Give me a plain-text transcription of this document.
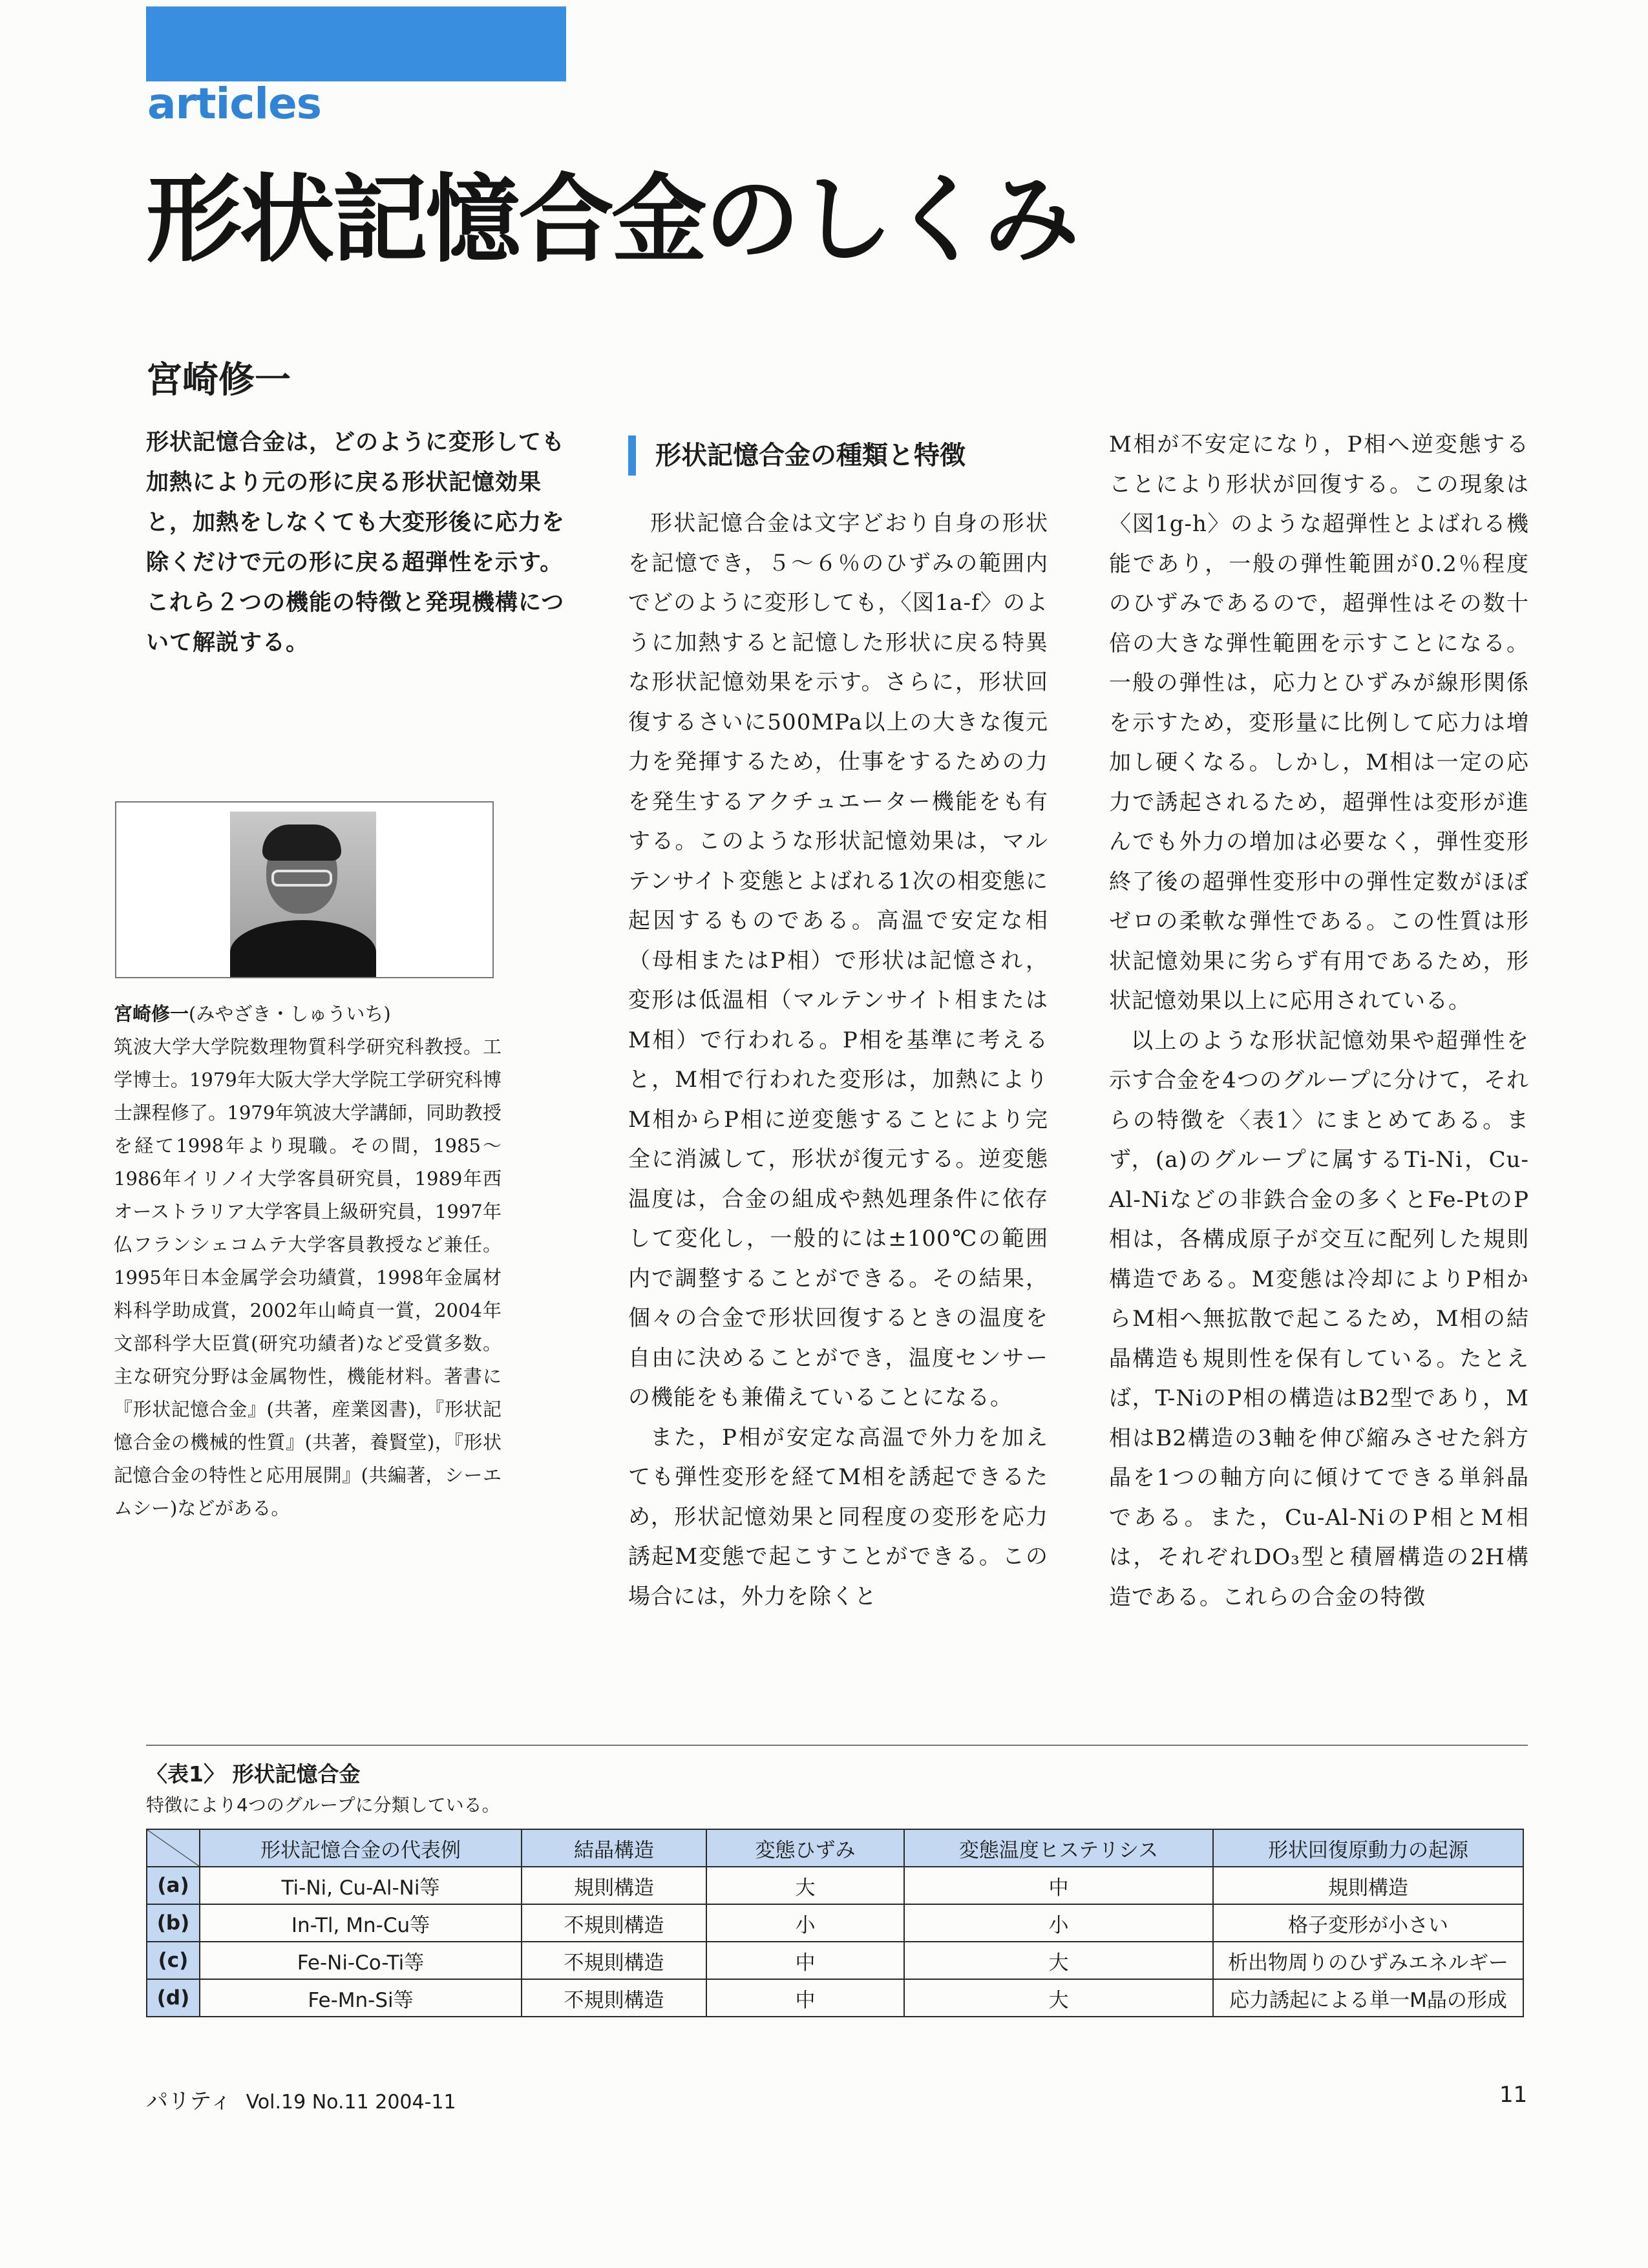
articles
形状記憶合金のしくみ
宮崎修一
形状記憶合金は，どのように変形しても加熱により元の形に戻る形状記憶効果と，加熱をしなくても大変形後に応力を除くだけで元の形に戻る超弾性を示す。これら２つの機能の特徴と発現機構について解説する。
宮崎修一(みやざき・しゅういち)
筑波大学大学院数理物質科学研究科教授。工学博士。1979年大阪大学大学院工学研究科博士課程修了。1979年筑波大学講師，同助教授を経て1998年より現職。その間，1985～1986年イリノイ大学客員研究員，1989年西オーストラリア大学客員上級研究員，1997年仏フランシェコムテ大学客員教授など兼任。1995年日本金属学会功績賞，1998年金属材料科学助成賞，2002年山崎貞一賞，2004年文部科学大臣賞(研究功績者)など受賞多数。主な研究分野は金属物性，機能材料。著書に『形状記憶合金』(共著，産業図書)，『形状記憶合金の機械的性質』(共著，養賢堂)，『形状記憶合金の特性と応用展開』(共編著，シーエムシー)などがある。
形状記憶合金の種類と特徴

形状記憶合金は文字どおり自身の形状を記憶でき，５～６％のひずみの範囲内でどのように変形しても，〈図1a-f〉のように加熱すると記憶した形状に戻る特異な形状記憶効果を示す。さらに，形状回復するさいに500MPa以上の大きな復元力を発揮するため，仕事をするための力を発生するアクチュエーター機能をも有する。このような形状記憶効果は，マルテンサイト変態とよばれる1次の相変態に起因するものである。高温で安定な相（母相またはP相）で形状は記憶され，変形は低温相（マルテンサイト相またはM相）で行われる。P相を基準に考えると，M相で行われた変形は，加熱によりM相からP相に逆変態することにより完全に消滅して，形状が復元する。逆変態温度は，合金の組成や熱処理条件に依存して変化し，一般的には±100℃の範囲内で調整することができる。その結果，個々の合金で形状回復するときの温度を自由に決めることができ，温度センサーの機能をも兼備えていることになる。

また，P相が安定な高温で外力を加えても弾性変形を経てM相を誘起できるため，形状記憶効果と同程度の変形を応力誘起M変態で起こすことができる。この場合には，外力を除くと

M相が不安定になり，P相へ逆変態することにより形状が回復する。この現象は〈図1g-h〉のような超弾性とよばれる機能であり，一般の弾性範囲が0.2％程度のひずみであるので，超弾性はその数十倍の大きな弾性範囲を示すことになる。一般の弾性は，応力とひずみが線形関係を示すため，変形量に比例して応力は増加し硬くなる。しかし，M相は一定の応力で誘起されるため，超弾性は変形が進んでも外力の増加は必要なく，弾性変形終了後の超弾性変形中の弾性定数がほぼゼロの柔軟な弾性である。この性質は形状記憶効果に劣らず有用であるため，形状記憶効果以上に応用されている。

以上のような形状記憶効果や超弾性を示す合金を4つのグループに分けて，それらの特徴を〈表1〉にまとめてある。まず，(a)のグループに属するTi-Ni，Cu-Al-Niなどの非鉄合金の多くとFe-PtのP相は，各構成原子が交互に配列した規則構造である。M変態は冷却によりP相からM相へ無拡散で起こるため，M相の結晶構造も規則性を保有している。たとえば，T-NiのP相の構造はB2型であり，M相はB2構造の3軸を伸び縮みさせた斜方晶を1つの軸方向に傾けてできる単斜晶である。また，Cu-Al-NiのP相とM相は，それぞれDO₃型と積層構造の2H構造である。これらの合金の特徴

〈表1〉 形状記憶合金
特徴により4つのグループに分類している。
	形状記憶合金の代表例	結晶構造	変態ひずみ	変態温度ヒステリシス	形状回復原動力の起源
(a)	Ti-Ni, Cu-Al-Ni等	規則構造	大	中	規則構造
(b)	In-Tl, Mn-Cu等	不規則構造	小	小	格子変形が小さい
(c)	Fe-Ni-Co-Ti等	不規則構造	中	大	析出物周りのひずみエネルギー
(d)	Fe-Mn-Si等	不規則構造	中	大	応力誘起による単一M晶の形成
パリティ Vol.19 No.11 2004-11	11
